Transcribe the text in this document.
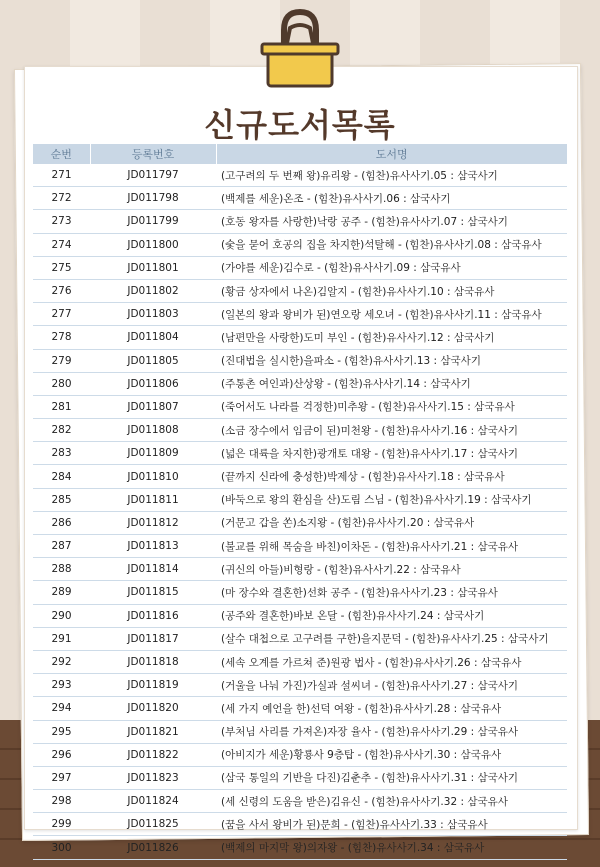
신규도서목록
순번	등록번호	도서명
271	JD011797	(고구려의 두 번째 왕)유리왕 - (힘찬)유사사기.05 : 삼국사기
272	JD011798	(백제를 세운)온조 - (힘찬)유사사기.06 : 삼국사기
273	JD011799	(호동 왕자를 사랑한)낙랑 공주 - (힘찬)유사사기.07 : 삼국사기
274	JD011800	(숯을 묻어 호공의 집을 차지한)석탈해 - (힘찬)유사사기.08 : 삼국유사
275	JD011801	(가야를 세운)김수로 - (힘찬)유사사기.09 : 삼국유사
276	JD011802	(황금 상자에서 나온)김알지 - (힘찬)유사사기.10 : 삼국유사
277	JD011803	(일본의 왕과 왕비가 된)연오랑 세오녀 - (힘찬)유사사기.11 : 삼국유사
278	JD011804	(남편만을 사랑한)도미 부인 - (힘찬)유사사기.12 : 삼국사기
279	JD011805	(진대법을 실시한)을파소 - (힘찬)유사사기.13 : 삼국사기
280	JD011806	(주통촌 여인과)산상왕 - (힘찬)유사사기.14 : 삼국사기
281	JD011807	(죽어서도 나라를 걱정한)미추왕 - (힘찬)유사사기.15 : 삼국유사
282	JD011808	(소금 장수에서 임금이 된)미천왕 - (힘찬)유사사기.16 : 삼국사기
283	JD011809	(넓은 대륙을 차지한)광개토 대왕 - (힘찬)유사사기.17 : 삼국사기
284	JD011810	(끝까지 신라에 충성한)박제상 - (힘찬)유사사기.18 : 삼국유사
285	JD011811	(바둑으로 왕의 환심을 산)도림 스님 - (힘찬)유사사기.19 : 삼국사기
286	JD011812	(거문고 갑을 쏜)소지왕 - (힘찬)유사사기.20 : 삼국유사
287	JD011813	(불교를 위해 목숨을 바친)이차돈 - (힘찬)유사사기.21 : 삼국유사
288	JD011814	(귀신의 아들)비형랑 - (힘찬)유사사기.22 : 삼국유사
289	JD011815	(마 장수와 결혼한)선화 공주 - (힘찬)유사사기.23 : 삼국유사
290	JD011816	(공주와 결혼한)바보 온달 - (힘찬)유사사기.24 : 삼국사기
291	JD011817	(살수 대첩으로 고구려를 구한)을지문덕 - (힘찬)유사사기.25 : 삼국사기
292	JD011818	(세속 오계를 가르쳐 준)원광 법사 - (힘찬)유사사기.26 : 삼국유사
293	JD011819	(거울을 나눠 가진)가실과 설씨녀 - (힘찬)유사사기.27 : 삼국사기
294	JD011820	(세 가지 예언을 한)선덕 여왕 - (힘찬)유사사기.28 : 삼국유사
295	JD011821	(부처님 사리를 가져온)자장 율사 - (힘찬)유사사기.29 : 삼국유사
296	JD011822	(아비지가 세운)황룡사 9층탑 - (힘찬)유사사기.30 : 삼국유사
297	JD011823	(삼국 통일의 기반을 다진)김춘추 - (힘찬)유사사기.31 : 삼국사기
298	JD011824	(세 신령의 도움을 받은)김유신 - (힘찬)유사사기.32 : 삼국유사
299	JD011825	(꿈을 사서 왕비가 된)문희 - (힘찬)유사사기.33 : 삼국유사
300	JD011826	(백제의 마지막 왕)의자왕 - (힘찬)유사사기.34 : 삼국유사
